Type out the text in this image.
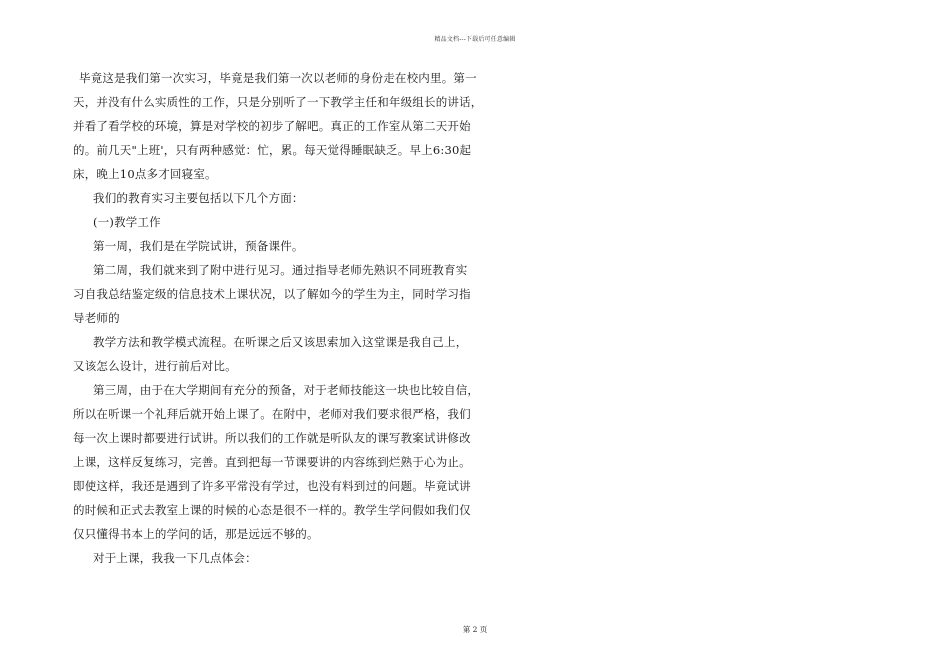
精品文档---下载后可任意编辑
毕竟这是我们第一次实习，毕竟是我们第一次以老师的身份走在校内里。第一
天，并没有什么实质性的工作，只是分别听了一下教学主任和年级组长的讲话，
并看了看学校的环境，算是对学校的初步了解吧。真正的工作室从第二天开始
的。前几天"上班'，只有两种感觉：忙，累。每天觉得睡眠缺乏。早上6:30起
床，晚上10点多才回寝室。
我们的教育实习主要包括以下几个方面：
(一)教学工作
第一周，我们是在学院试讲，预备课件。
第二周，我们就来到了附中进行见习。通过指导老师先熟识不同班教育实
习自我总结鉴定级的信息技术上课状况，以了解如今的学生为主，同时学习指
导老师的
教学方法和教学模式流程。在听课之后又该思索加入这堂课是我自己上，
又该怎么设计，进行前后对比。
第三周，由于在大学期间有充分的预备，对于老师技能这一块也比较自信，
所以在听课一个礼拜后就开始上课了。在附中，老师对我们要求很严格，我们
每一次上课时都要进行试讲。所以我们的工作就是听队友的课写教案试讲修改
上课，这样反复练习，完善。直到把每一节课要讲的内容练到烂熟于心为止。
即使这样，我还是遇到了许多平常没有学过，也没有料到过的问题。毕竟试讲
的时候和正式去教室上课的时候的心态是很不一样的。教学生学问假如我们仅
仅只懂得书本上的学问的话，那是远远不够的。
对于上课，我我一下几点体会：
第 2 页
